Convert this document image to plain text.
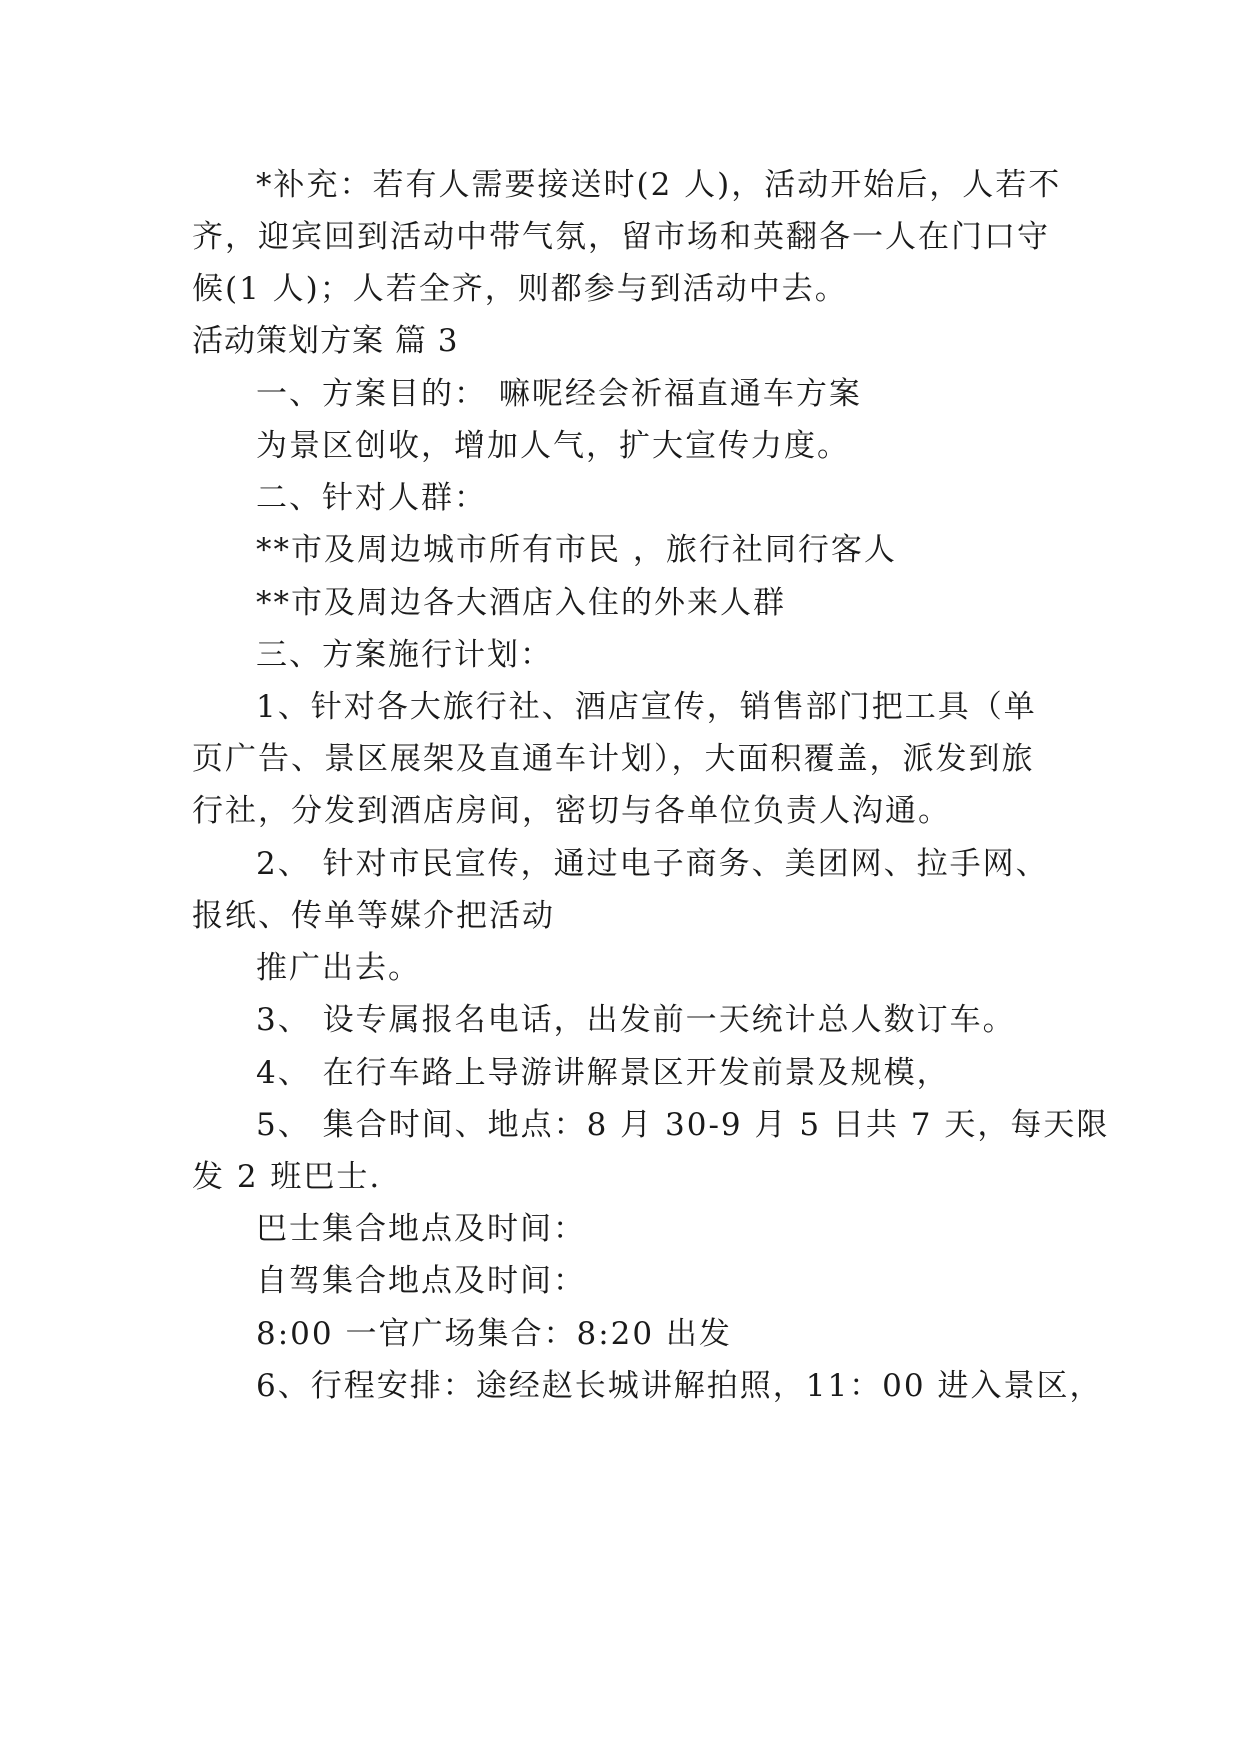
*补充：若有人需要接送时(2 人)，活动开始后，人若不
齐，迎宾回到活动中带气氛，留市场和英翻各一人在门口守
候(1 人)；人若全齐，则都参与到活动中去。
活动策划方案 篇 3
一、方案目的： 嘛呢经会祈福直通车方案
为景区创收，增加人气，扩大宣传力度。
二、针对人群：
**市及周边城市所有市民 ，旅行社同行客人
**市及周边各大酒店入住的外来人群
三、方案施行计划：
1、针对各大旅行社、酒店宣传，销售部门把工具（单
页广告、景区展架及直通车计划），大面积覆盖，派发到旅
行社，分发到酒店房间，密切与各单位负责人沟通。
2、 针对市民宣传，通过电子商务、美团网、拉手网、
报纸、传单等媒介把活动
推广出去。
3、 设专属报名电话，出发前一天统计总人数订车。
4、 在行车路上导游讲解景区开发前景及规模，
5、 集合时间、地点：8 月 30-9 月 5 日共 7 天，每天限
发 2 班巴士.
巴士集合地点及时间：
自驾集合地点及时间：
8:00 一官广场集合：8:20 出发
6、行程安排：途经赵长城讲解拍照，11：00 进入景区，
